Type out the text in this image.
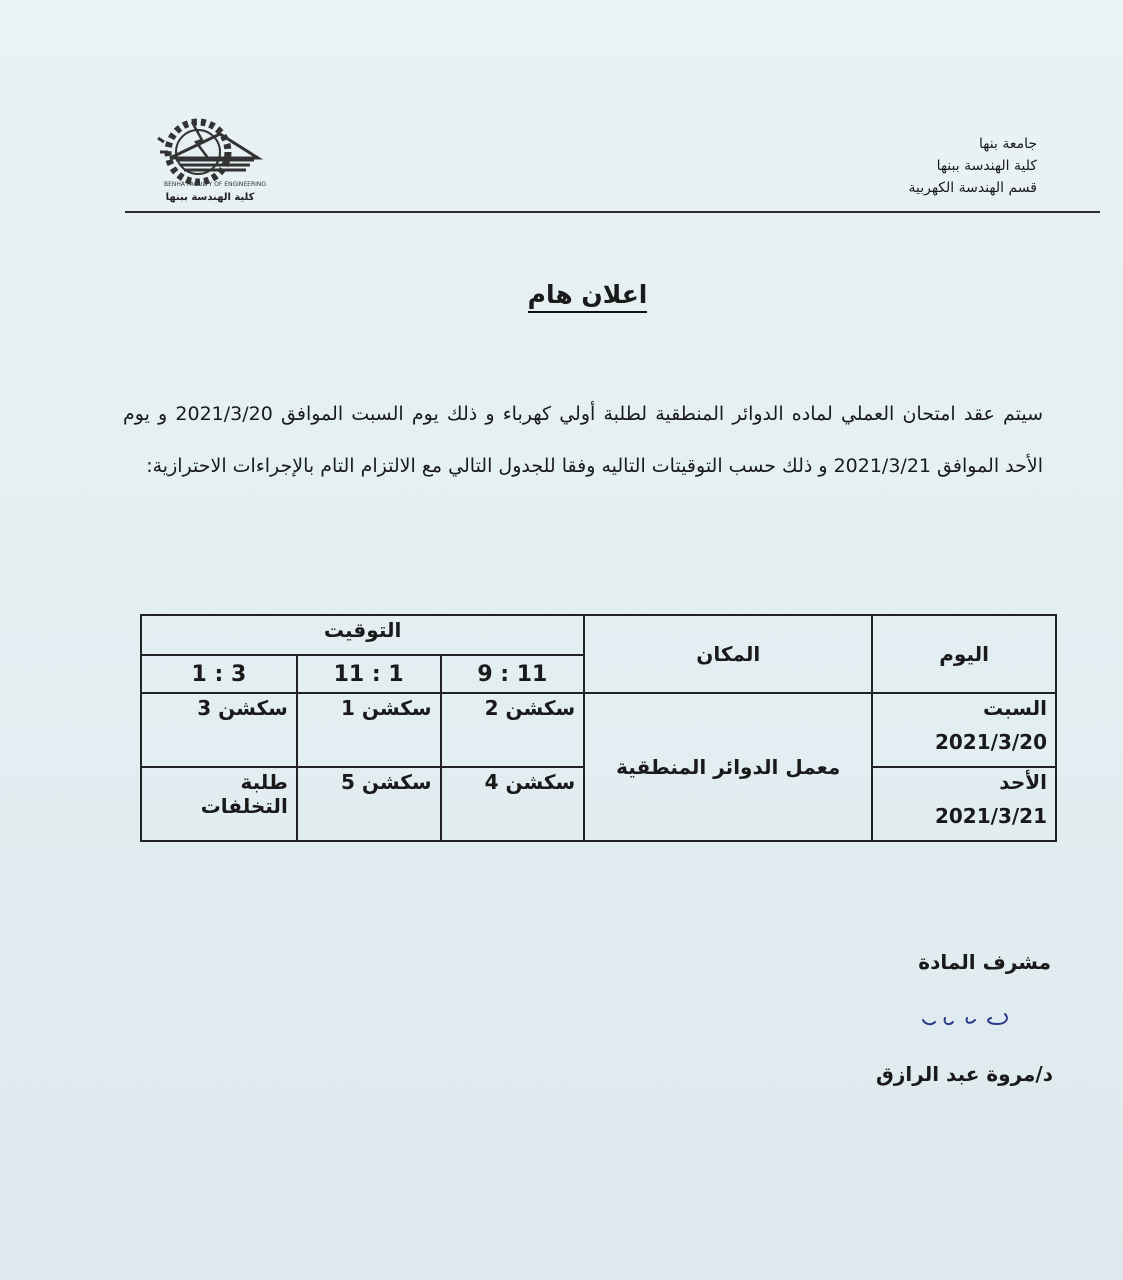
BENHA FACULTY OF ENGINEERING
كلية الهندسة ببنها
جامعة بنها
كلية الهندسة ببنها
قسم الهندسة الكهربية
اعلان هام
سيتم عقد امتحان العملي لماده الدوائر المنطقية لطلبة أولي كهرباء و ذلك يوم السبت الموافق 2021/3/20 و يوم الأحد الموافق 2021/3/21 و ذلك حسب التوقيتات التاليه وفقا للجدول التالي مع الالتزام التام بالإجراءات الاحترازية:
اليوم	المكان	التوقيت		
		11 : 9	1 : 11	3 : 1

السبت
2021/3/20	معمل الدوائر المنطقية	سكشن 2	سكشن 1	سكشن 3

الأحد
2021/3/21		سكشن 4	سكشن 5	طلبة التخلفات
مشرف المادة
د/مروة عبد الرازق
